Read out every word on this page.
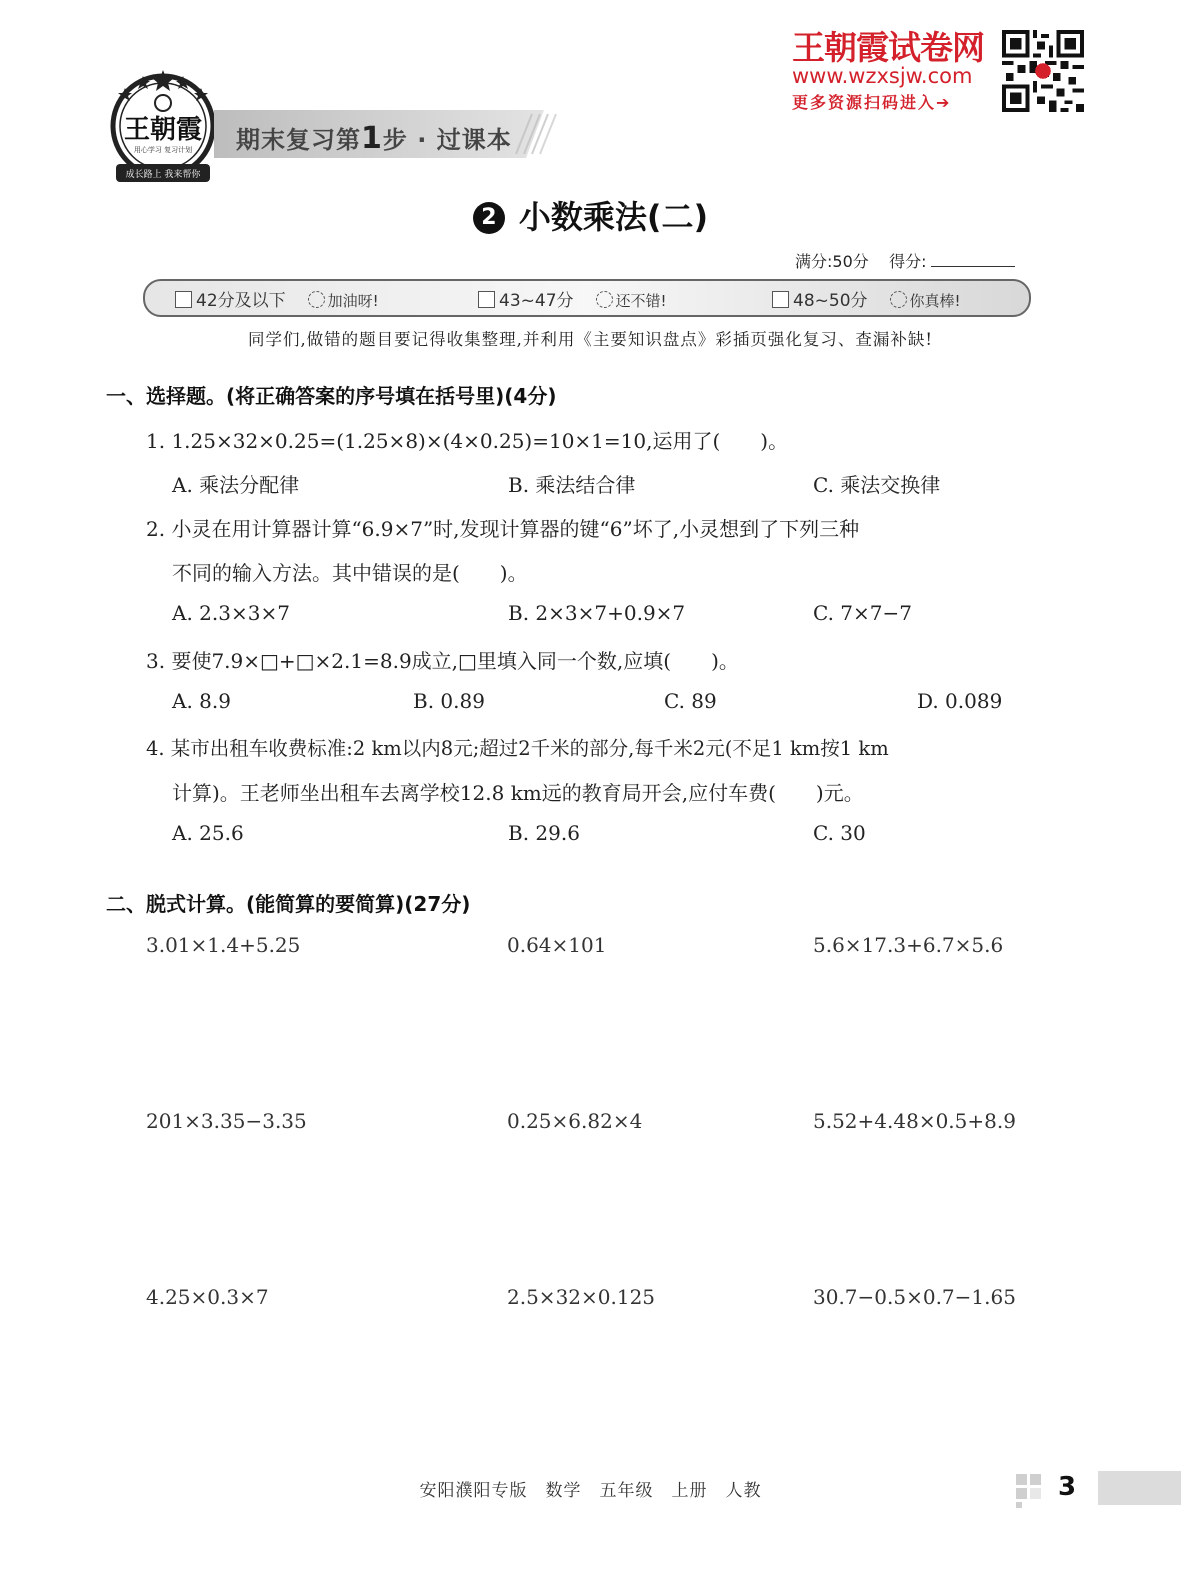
王朝霞
用心学习 复习计划
成长路上 我来帮你
期末复习第1步 · 过课本
王朝霞试卷网
www.wzxsjw.com
更多资源扫码进入➔
2 小数乘法(二)
满分:50分 得分:
42分及以下	加油呀!	43~47分	还不错!	48~50分	你真棒!
同学们,做错的题目要记得收集整理,并利用《主要知识盘点》彩插页强化复习、查漏补缺!
一、选择题。(将正确答案的序号填在括号里)(4分)
1. 1.25×32×0.25=(1.25×8)×(4×0.25)=10×1=10,运用了(　　)。
A. 乘法分配律	B. 乘法结合律	C. 乘法交换律
2. 小灵在用计算器计算“6.9×7”时,发现计算器的键“6”坏了,小灵想到了下列三种
不同的输入方法。其中错误的是(　　)。
A. 2.3×3×7	B. 2×3×7+0.9×7	C. 7×7−7
3. 要使7.9×□+□×2.1=8.9成立,□里填入同一个数,应填(　　)。
A. 8.9	B. 0.89	C. 89	D. 0.089
4. 某市出租车收费标准:2 km以内8元;超过2千米的部分,每千米2元(不足1 km按1 km
计算)。王老师坐出租车去离学校12.8 km远的教育局开会,应付车费(　　)元。
A. 25.6	B. 29.6	C. 30
二、脱式计算。(能简算的要简算)(27分)
3.01×1.4+5.25	0.64×101	5.6×17.3+6.7×5.6
201×3.35−3.35	0.25×6.82×4	5.52+4.48×0.5+8.9
4.25×0.3×7	2.5×32×0.125	30.7−0.5×0.7−1.65
安阳濮阳专版　数学　五年级　上册　人教	3
